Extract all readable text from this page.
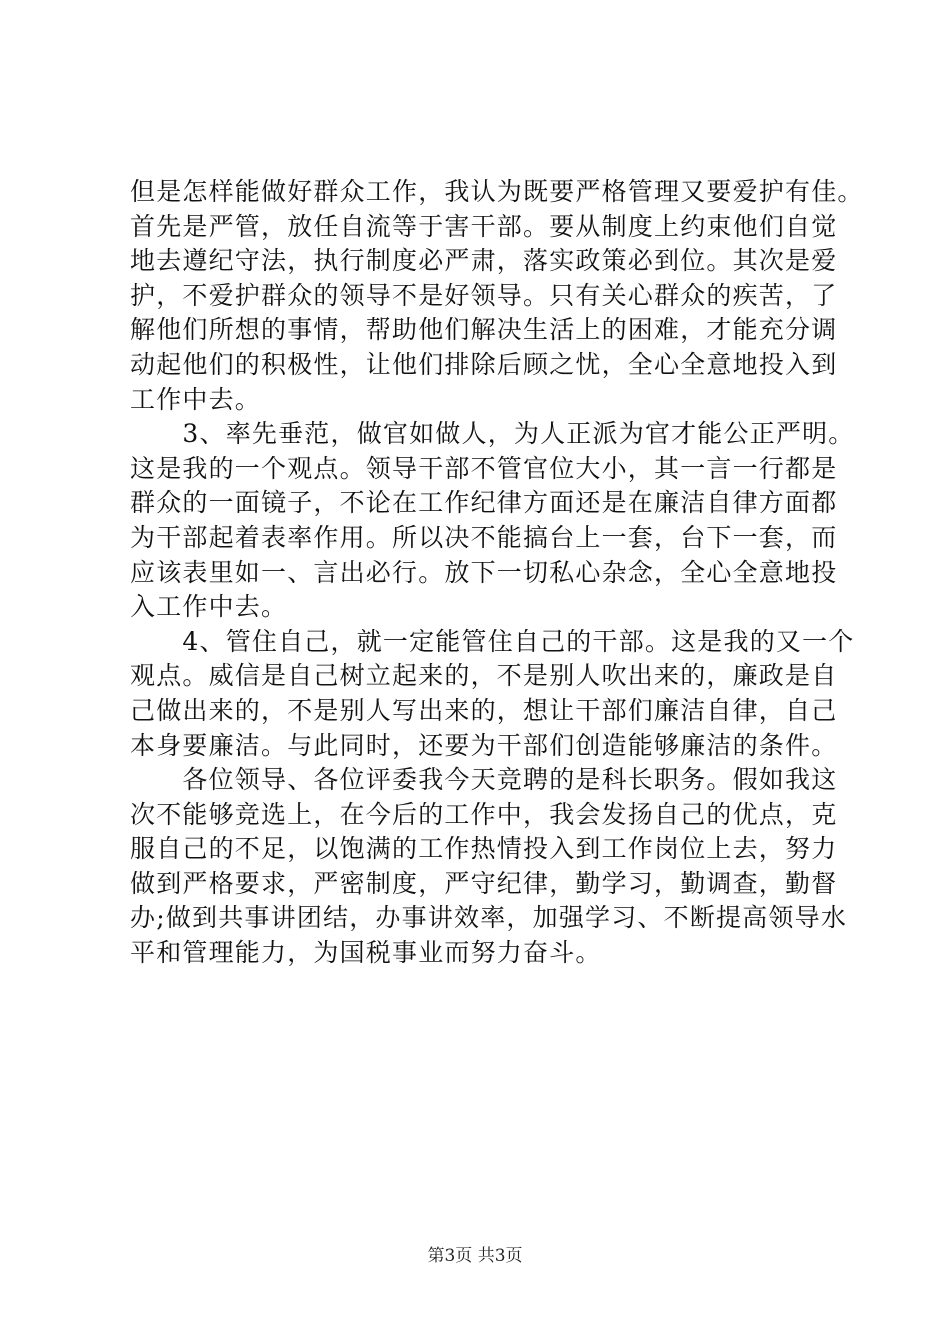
但是怎样能做好群众工作，我认为既要严格管理又要爱护有佳。
首先是严管，放任自流等于害干部。要从制度上约束他们自觉
地去遵纪守法，执行制度必严肃，落实政策必到位。其次是爱
护，不爱护群众的领导不是好领导。只有关心群众的疾苦，了
解他们所想的事情，帮助他们解决生活上的困难，才能充分调
动起他们的积极性，让他们排除后顾之忧，全心全意地投入到
工作中去。
　　3、率先垂范，做官如做人，为人正派为官才能公正严明。
这是我的一个观点。领导干部不管官位大小，其一言一行都是
群众的一面镜子，不论在工作纪律方面还是在廉洁自律方面都
为干部起着表率作用。所以决不能搞台上一套，台下一套，而
应该表里如一、言出必行。放下一切私心杂念，全心全意地投
入工作中去。
　　4、管住自己，就一定能管住自己的干部。这是我的又一个
观点。威信是自己树立起来的，不是别人吹出来的，廉政是自
己做出来的，不是别人写出来的，想让干部们廉洁自律，自己
本身要廉洁。与此同时，还要为干部们创造能够廉洁的条件。
　　各位领导、各位评委我今天竞聘的是科长职务。假如我这
次不能够竞选上，在今后的工作中，我会发扬自己的优点，克
服自己的不足，以饱满的工作热情投入到工作岗位上去，努力
做到严格要求，严密制度，严守纪律，勤学习，勤调查，勤督
办;做到共事讲团结，办事讲效率，加强学习、不断提高领导水
平和管理能力，为国税事业而努力奋斗。
第3页 共3页
